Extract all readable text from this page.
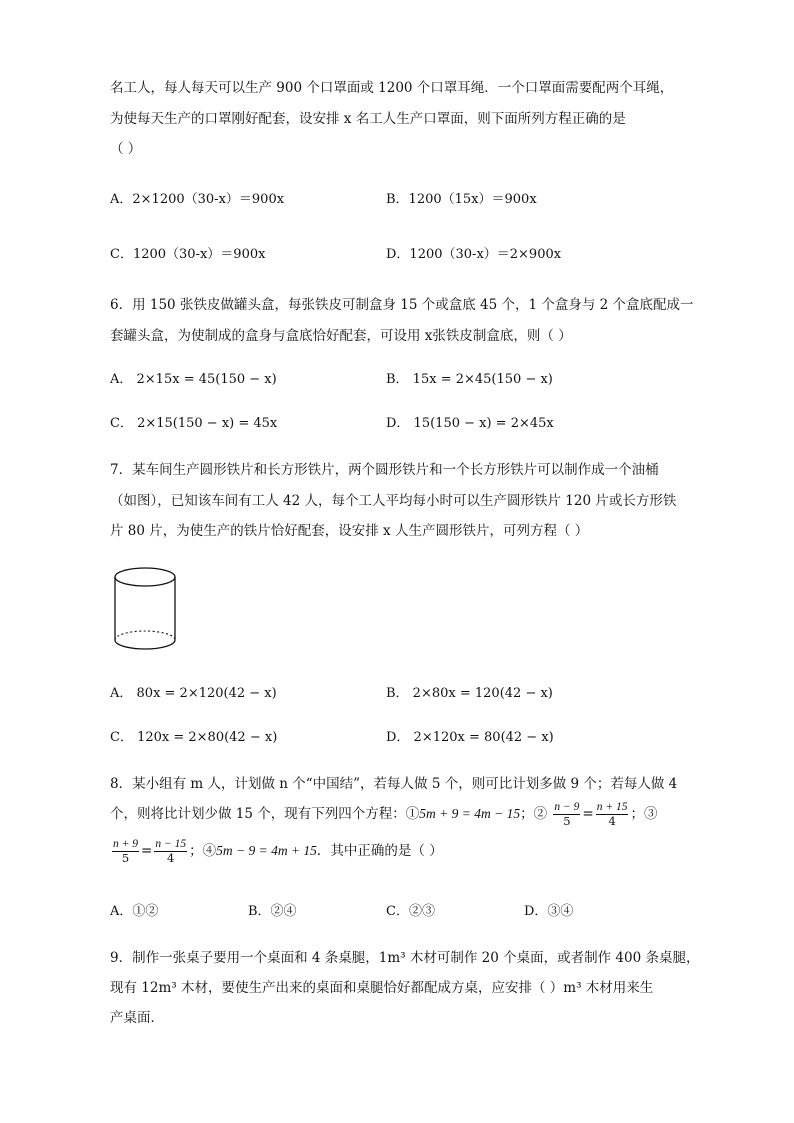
名工人，每人每天可以生产 900 个口罩面或 1200 个口罩耳绳．一个口罩面需要配两个耳绳，
为使每天生产的口罩刚好配套，设安排 x 名工人生产口罩面，则下面所列方程正确的是
（ ）
A．2×1200（30-x）＝900x	B．1200（15x）＝900x
C．1200（30-x）＝900x	D．1200（30-x）＝2×900x
6．用 150 张铁皮做罐头盒，每张铁皮可制盒身 15 个或盒底 45 个，1 个盒身与 2 个盒底配成一
套罐头盒，为使制成的盒身与盒底恰好配套，可设用 x张铁皮制盒底，则（ ）
A． 2×15x = 45(150 − x)	B． 15x = 2×45(150 − x)
C． 2×15(150 − x) = 45x	D． 15(150 − x) = 2×45x
7．某车间生产圆形铁片和长方形铁片，两个圆形铁片和一个长方形铁片可以制作成一个油桶
（如图），已知该车间有工人 42 人，每个工人平均每小时可以生产圆形铁片 120 片或长方形铁
片 80 片，为使生产的铁片恰好配套，设安排 x 人生产圆形铁片，可列方程（ ）
A． 80x = 2×120(42 − x)	B． 2×80x = 120(42 − x)
C． 120x = 2×80(42 − x)	D． 2×120x = 80(42 − x)
8．某小组有 m 人，计划做 n 个“中国结”，若每人做 5 个，则可比计划多做 9 个；若每人做 4
个，则将比计划少做 15 个，现有下列四个方程：①5m + 9 = 4m − 15；② $\frac{n - 9}{5} = \frac{n + 15}{4}$ ；③
$\frac{n + 9}{5} = \frac{n - 15}{4}$ ；④5m − 9 = 4m + 15．其中正确的是（ ）
A．①②	B．②④	C．②③	D．③④
9．制作一张桌子要用一个桌面和 4 条桌腿，1m³ 木材可制作 20 个桌面，或者制作 400 条桌腿，
现有 12m³ 木材，要使生产出来的桌面和桌腿恰好都配成方桌，应安排（ ）m³ 木材用来生
产桌面．
